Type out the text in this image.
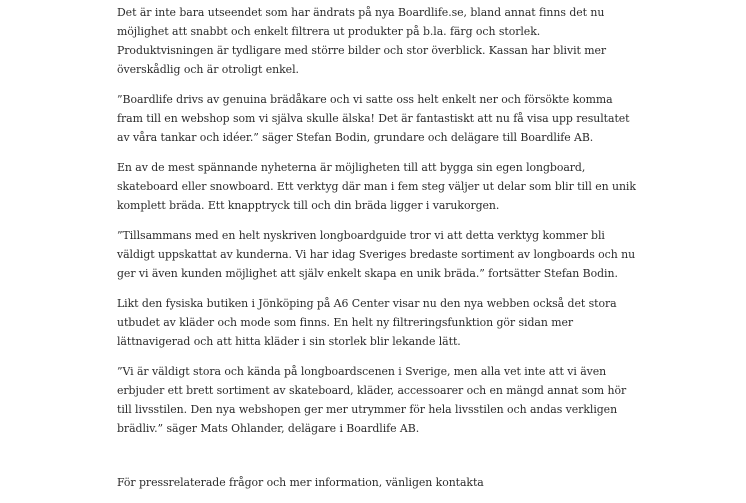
Det är inte bara utseendet som har ändrats på nya Boardlife.se, bland annat finns det nu möjlighet att snabbt och enkelt filtrera ut produkter på b.la. färg och storlek. Produktvisningen är tydligare med större bilder och stor överblick. Kassan har blivit mer överskådlig och är otroligt enkel.

”Boardlife drivs av genuina brädåkare och vi satte oss helt enkelt ner och försökte komma fram till en webshop som vi själva skulle älska! Det är fantastiskt att nu få visa upp resultatet av våra tankar och idéer.” säger Stefan Bodin, grundare och delägare till Boardlife AB.

En av de mest spännande nyheterna är möjligheten till att bygga sin egen longboard, skateboard eller snowboard. Ett verktyg där man i fem steg väljer ut delar som blir till en unik komplett bräda. Ett knapptryck till och din bräda ligger i varukorgen.

”Tillsammans med en helt nyskriven longboardguide tror vi att detta verktyg kommer bli väldigt uppskattat av kunderna. Vi har idag Sveriges bredaste sortiment av longboards och nu ger vi även kunden möjlighet att själv enkelt skapa en unik bräda.” fortsätter Stefan Bodin.

Likt den fysiska butiken i Jönköping på A6 Center visar nu den nya webben också det stora utbudet av kläder och mode som finns. En helt ny filtreringsfunktion gör sidan mer lättnavigerad och att hitta kläder i sin storlek blir lekande lätt.

”Vi är väldigt stora och kända på longboardscenen i Sverige, men alla vet inte att vi även erbjuder ett brett sortiment av skateboard, kläder, accessoarer och en mängd annat som hör till livsstilen. Den nya webshopen ger mer utrymmer för hela livsstilen och andas verkligen brädliv.” säger Mats Ohlander, delägare i Boardlife AB.

För pressrelaterade frågor och mer information, vänligen kontakta
